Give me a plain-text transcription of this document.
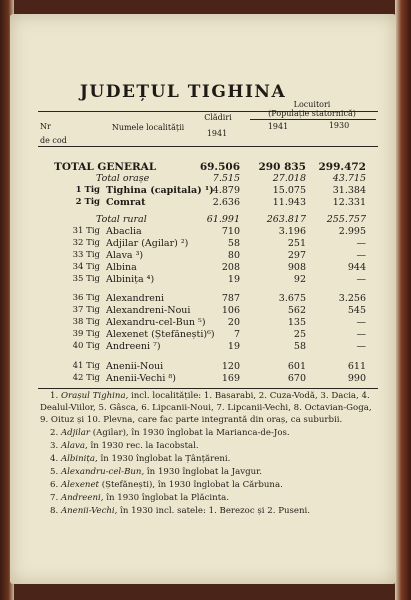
JUDEȚUL TIGHINA
Nr
de cod
Numele localității
Clădiri
Locuitori
(Populație statornică)
1941
1941	1930
TOTAL GENERAL	69.506	290 835	299.472
Total orașe	7.515	27.018	43.715
1 Tig Tighina (capitala) ¹) 4.879	15.075	31.384
2 Tig Comrat	2.636	11.943	12.331
Total rural	61.991	263.817	255.757
31 Tig Abaclia	710	3.196	2.995
32 Tig Adjilar (Agilar) ²)	58	251	—
33 Tig Alava ³)	80	297	—
34 Tig Albina	208	908	944
35 Tig Albinița ⁴)	19	92	—
36 Tig Alexandreni	787	3.675	3.256
37 Tig Alexandreni-Noui	106	562	545
38 Tig Alexandru-cel-Bun ⁵)	20	135	—
39 Tig Alexenet (Ștefănești)⁶)	7	25	—
40 Tig Andreeni ⁷)	19	58	—
41 Tig Anenii-Noui	120	601	611
42 Tig Anenii-Vechi ⁸)	169	670	990

1. Orașul Tighina, incl. localitățile: 1. Basarabi, 2. Cuza-Vodă, 3. Dacia, 4. Dealul-Viilor, 5. Gâsca, 6. Lipcanii-Noui, 7. Lipcanii-Vechi, 8. Octavian-Goga, 9. Oituz și 10. Plevna, care fac parte integrantă din oraș, ca suburbii.

2. Adjilar (Agilar), în 1930 înglobat la Marianca-de-Jos.

3. Alava, în 1930 rec. la Iacobstal.

4. Albinița, în 1930 înglobat la Țânțăreni.

5. Alexandru-cel-Bun, în 1930 înglobat la Javgur.

6. Alexenet (Ștefănești), în 1930 înglobat la Cărbuna.

7. Andreeni, în 1930 înglobat la Plăcinta.

8. Anenii-Vechi, în 1930 incl. satele: 1. Berezoc și 2. Puseni.
